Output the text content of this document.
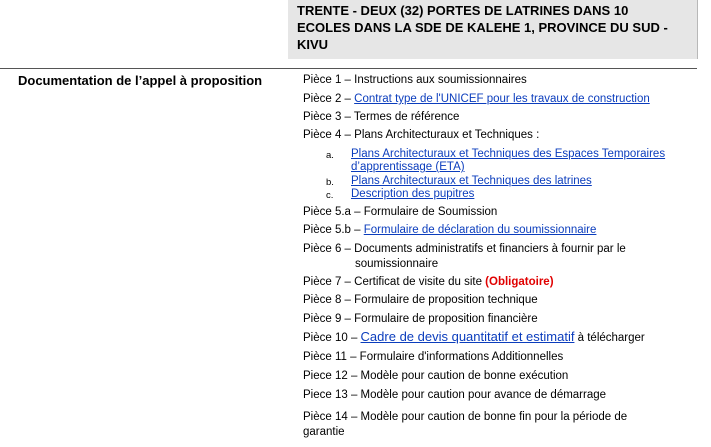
TRENTE - DEUX (32) PORTES DE LATRINES DANS 10
ECOLES DANS LA SDE DE KALEHE 1, PROVINCE DU SUD -
KIVU
Documentation de l’appel à proposition	Pièce 1 – Instructions aux soumissionnaires
Pièce 2 – Contrat type de l'UNICEF pour les travaux de construction
Pièce 3 – Termes de référence
Pièce 4 – Plans Architecturaux et Techniques :
a. Plans Architecturaux et Techniques des Espaces Temporaires
d’apprentissage (ETA)
b. Plans Architecturaux et Techniques des latrines
c. Description des pupitres
Pièce 5.a – Formulaire de Soumission
Pièce 5.b – Formulaire de déclaration du soumissionnaire
Pièce 6 – Documents administratifs et financiers à fournir par le
soumissionnaire
Pièce 7 – Certificat de visite du site (Obligatoire)
Pièce 8 – Formulaire de proposition technique
Pièce 9 – Formulaire de proposition financière
Pièce 10 – Cadre de devis quantitatif et estimatif à télécharger
Pièce 11 – Formulaire d'informations Additionnelles
Piece 12 – Modèle pour caution de bonne exécution
Piece 13 – Modèle pour caution pour avance de démarrage
Pièce 14 – Modèle pour caution de bonne fin pour la période de
garantie
